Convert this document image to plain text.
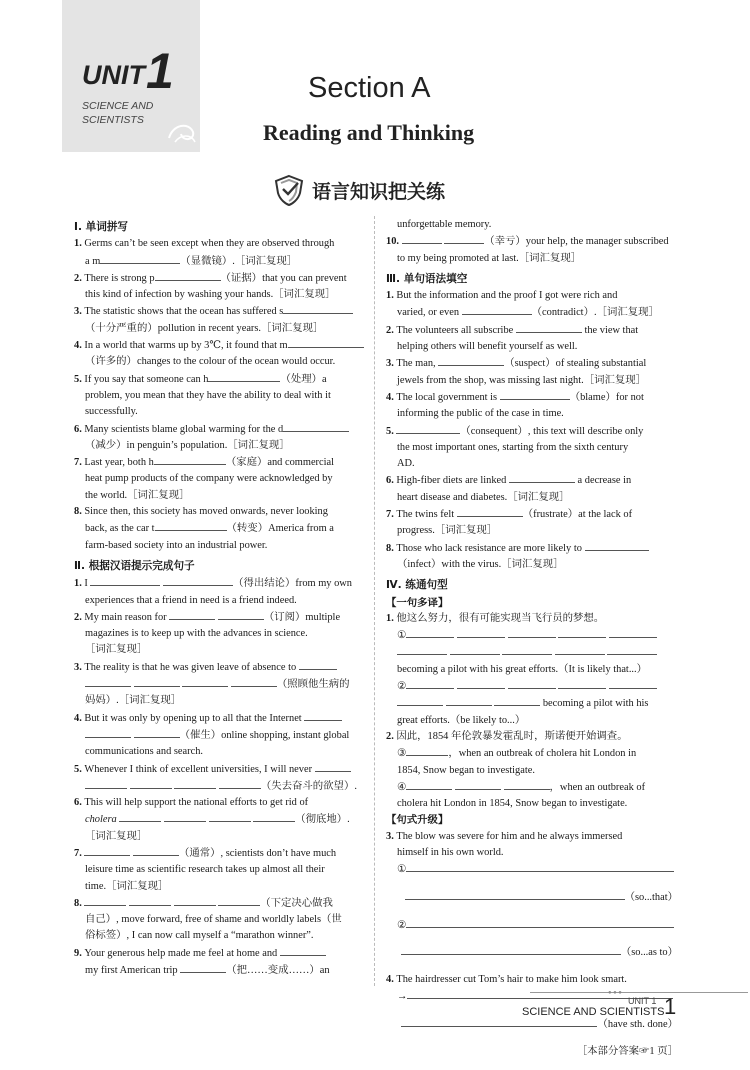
UNIT 1
SCIENCE AND
SCIENTISTS
Section A
Reading and Thinking
语言知识把关练

Ⅰ. 单词拼写

1. Germs can’t be seen except when they are observed through
a m	（显微镜）.［词汇复现］

2. There is strong p	（证据）that you can prevent
this kind of infection by washing your hands.［词汇复现］

3. The statistic shows that the ocean has suffered s
（十分严重的）pollution in recent years.［词汇复现］

4. In a world that warms up by 3℃, it found that m
（许多的）changes to the colour of the ocean would occur.

5. If you say that someone can h	（处理）a
problem, you mean that they have the ability to deal with it
successfully.

6. Many scientists blame global warming for the d
（减少）in penguin’s population.［词汇复现］

7. Last year, both h	（家庭）and commercial
heat pump products of the company were acknowledged by
the world.［词汇复现］

8. Since then, this society has moved onwards, never looking
back, as the car t	（转变）America from a
farm-based society into an industrial power.

Ⅱ. 根据汉语提示完成句子

1. I	（得出结论）from my own
experiences that a friend in need is a friend indeed.

2. My main reason for	（订阅）multiple
magazines is to keep up with the advances in science.
［词汇复现］

3. The reality is that he was given leave of absence to
（照顾他生病的
妈妈）.［词汇复现］

4. But it was only by opening up to all that the Internet
（催生）online shopping, instant global
communications and search.

5. Whenever I think of excellent universities, I will never
（失去奋斗的欲望）.

6. This will help support the national efforts to get rid of
cholera	（彻底地）.
［词汇复现］

7.	（通常）, scientists don’t have much
leisure time as scientific research takes up almost all their
time.［词汇复现］

8.	（下定决心做我
自己）, move forward, free of shame and worldly labels（世
俗标签）, I can now call myself a “marathon winner”.

9. Your generous help made me feel at home and
my first American trip	（把……变成……）an

unforgettable memory.

10.	（幸亏）your help, the manager subscribed
to my being promoted at last.［词汇复现］

Ⅲ. 单句语法填空

1. But the information and the proof I got were rich and
varied, or even	（contradict）.［词汇复现］

2. The volunteers all subscribe	the view that
helping others will benefit yourself as well.

3. The man,	（suspect）of stealing substantial
jewels from the shop, was missing last night.［词汇复现］

4. The local government is	（blame）for not
informing the public of the case in time.

5.	（consequent）, this text will describe only
the most important ones, starting from the sixth century
AD.

6. High-fiber diets are linked	a decrease in
heart disease and diabetes.［词汇复现］

7. The twins felt	（frustrate）at the lack of
progress.［词汇复现］

8. Those who lack resistance are more likely to
（infect）with the virus.［词汇复现］

Ⅳ. 练通句型

【一句多译】

1. 他这么努力，很有可能实现当飞行员的梦想。

①

becoming a pilot with his great efforts.（It is likely that...）

②

becoming a pilot with his

great efforts.（be likely to...）

2. 因此，1854 年伦敦暴发霍乱时，斯诺便开始调查。

③	，when an outbreak of cholera hit London in

1854, Snow began to investigate.

④	，when an outbreak of

cholera hit London in 1854, Snow began to investigate.

【句式升级】

3. The blow was severe for him and he always immersed
himself in his own world.

①

（so...that）

②

（so...as to）

4. The hairdresser cut Tom’s hair to make him look smart.

→

（have sth. done）

［本部分答案☞1 页］

● ● ●
UNIT 1
SCIENCE AND SCIENTISTS 1
